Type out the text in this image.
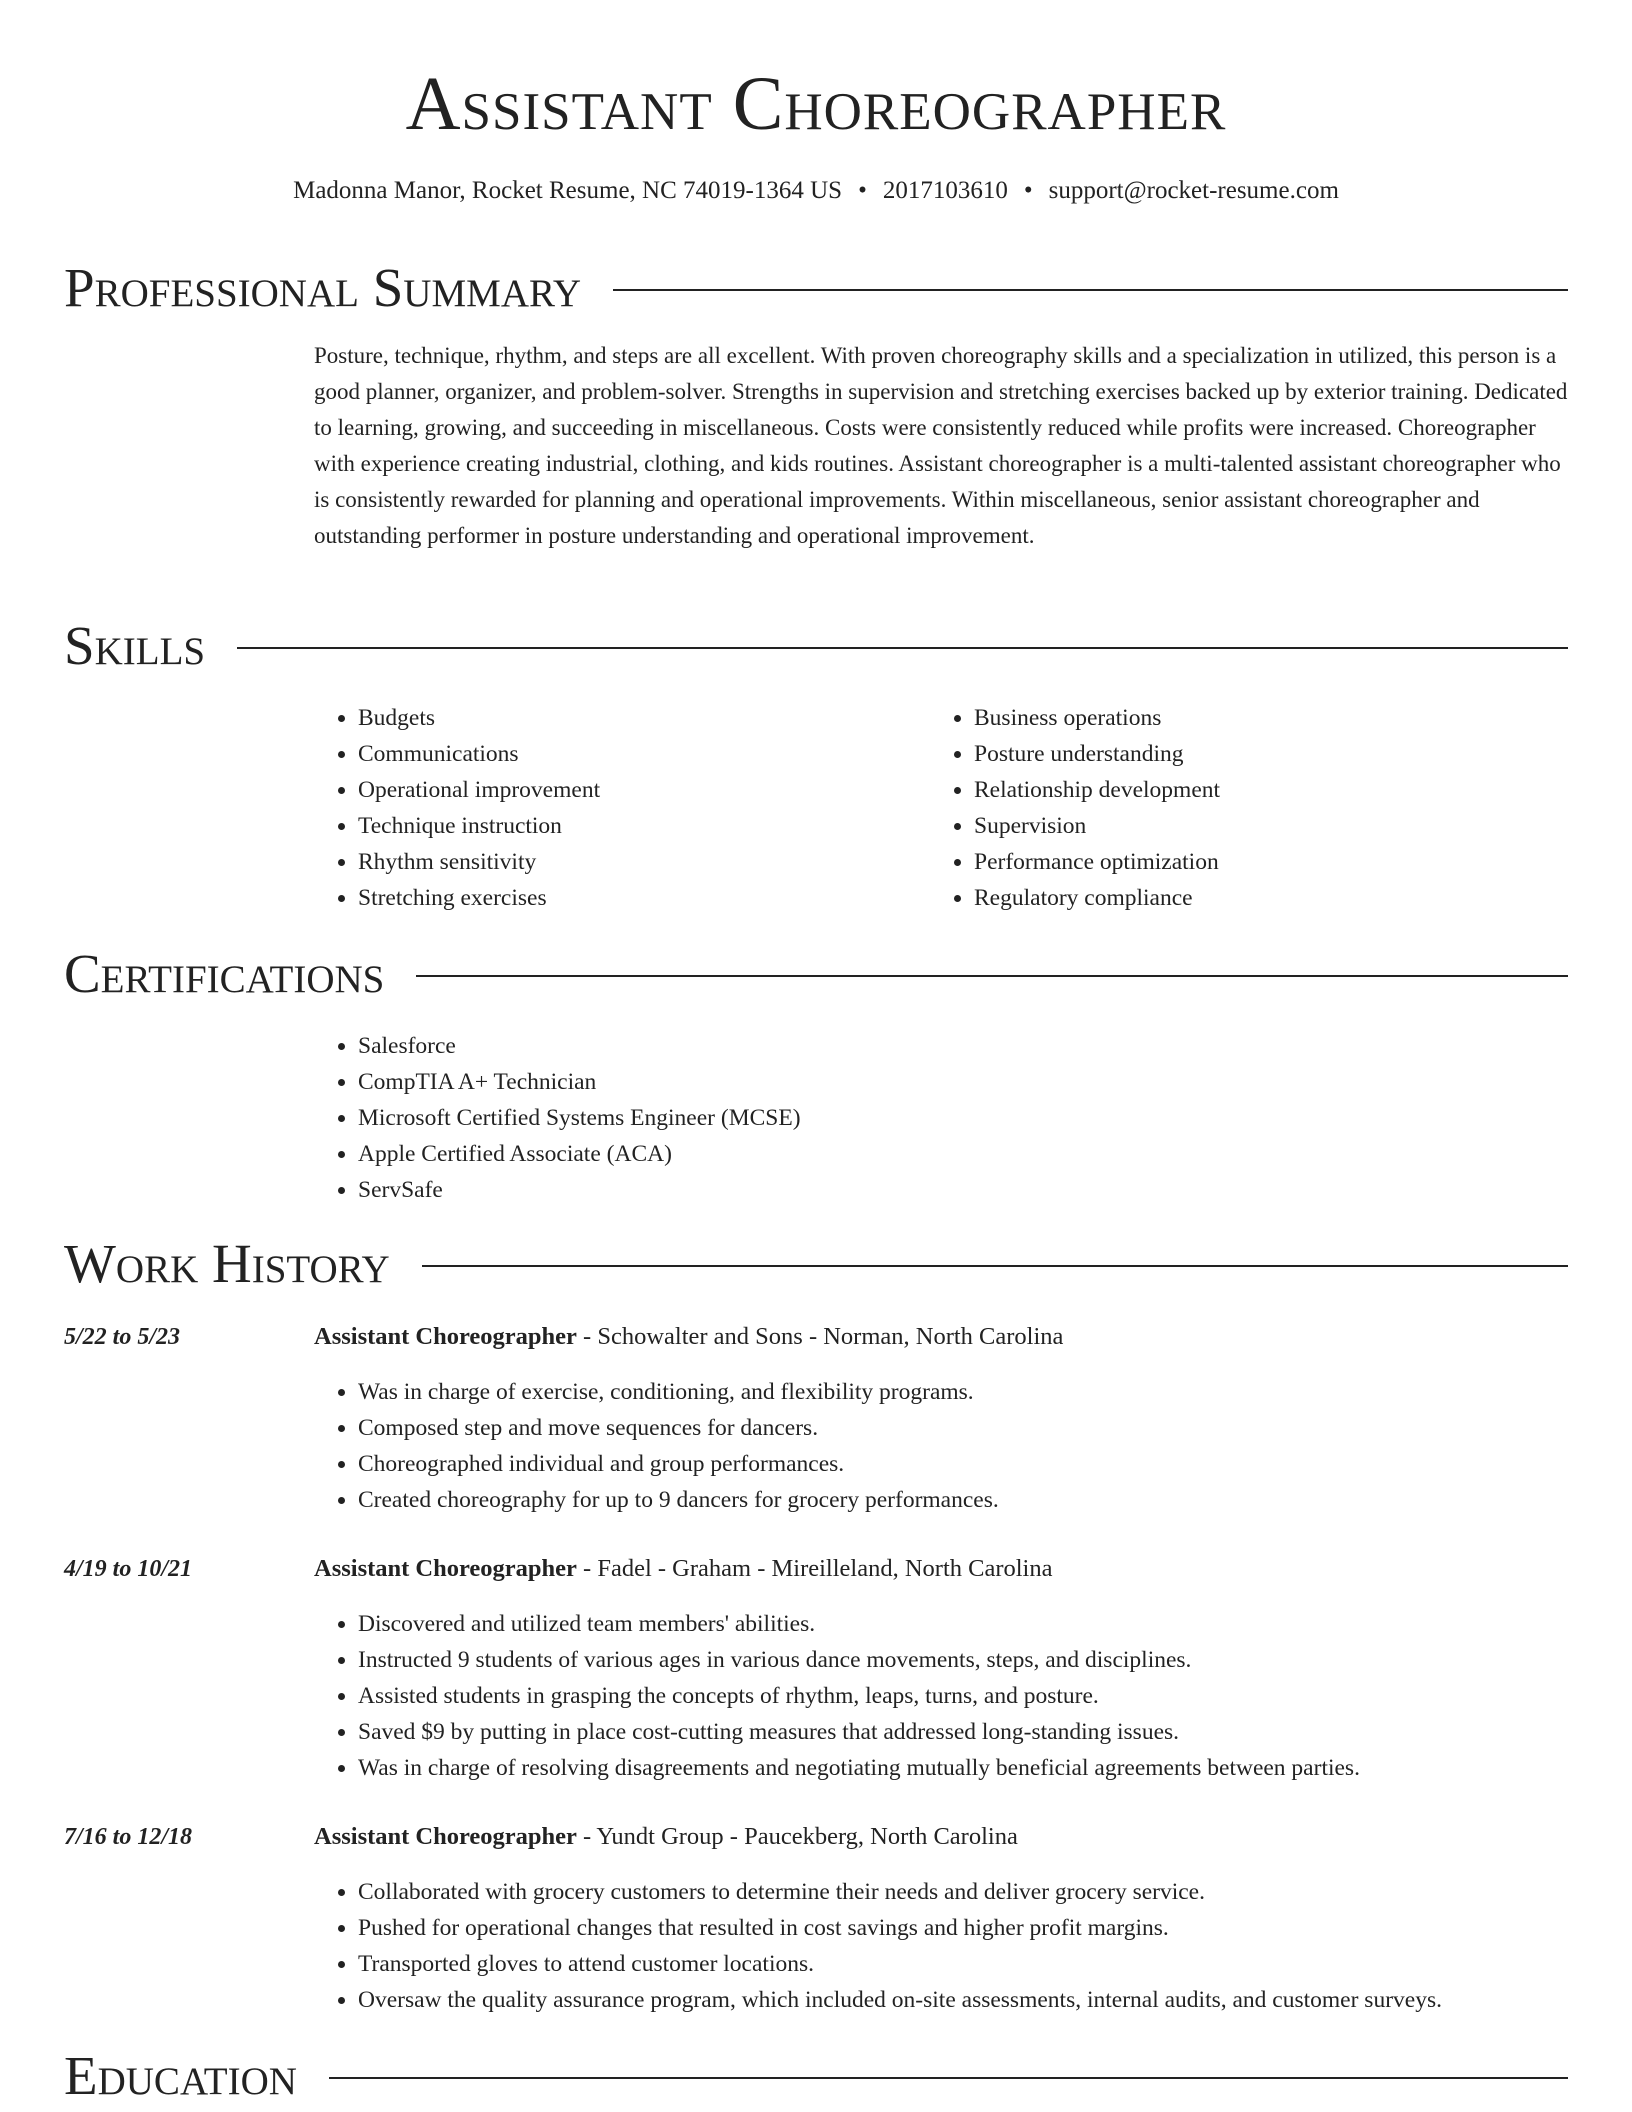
Assistant Choreographer
Madonna Manor, Rocket Resume, NC 74019-1364 US • 2017103610 • support@rocket-resume.com
Professional Summary

Posture, technique, rhythm, and steps are all excellent. With proven choreography skills and a specialization in utilized, this person is a good planner, organizer, and problem-solver. Strengths in supervision and stretching exercises backed up by exterior training. Dedicated to learning, growing, and succeeding in miscellaneous. Costs were consistently reduced while profits were increased. Choreographer with experience creating industrial, clothing, and kids routines. Assistant choreographer is a multi-talented assistant choreographer who is consistently rewarded for planning and operational improvements. Within miscellaneous, senior assistant choreographer and outstanding performer in posture understanding and operational improvement.

Skills
• Budgets
• Communications
• Operational improvement
• Technique instruction
• Rhythm sensitivity
• Stretching exercises
• Business operations
• Posture understanding
• Relationship development
• Supervision
• Performance optimization
• Regulatory compliance
Certifications
• Salesforce
• CompTIA A+ Technician
• Microsoft Certified Systems Engineer (MCSE)
• Apple Certified Associate (ACA)
• ServSafe
Work History
5/22 to 5/23	Assistant Choreographer - Schowalter and Sons - Norman, North Carolina
• Was in charge of exercise, conditioning, and flexibility programs.
• Composed step and move sequences for dancers.
• Choreographed individual and group performances.
• Created choreography for up to 9 dancers for grocery performances.
4/19 to 10/21	Assistant Choreographer - Fadel - Graham - Mireilleland, North Carolina
• Discovered and utilized team members' abilities.
• Instructed 9 students of various ages in various dance movements, steps, and disciplines.
• Assisted students in grasping the concepts of rhythm, leaps, turns, and posture.
• Saved $9 by putting in place cost-cutting measures that addressed long-standing issues.
• Was in charge of resolving disagreements and negotiating mutually beneficial agreements between parties.
7/16 to 12/18	Assistant Choreographer - Yundt Group - Paucekberg, North Carolina
• Collaborated with grocery customers to determine their needs and deliver grocery service.
• Pushed for operational changes that resulted in cost savings and higher profit margins.
• Transported gloves to attend customer locations.
• Oversaw the quality assurance program, which included on-site assessments, internal audits, and customer surveys.
Education
